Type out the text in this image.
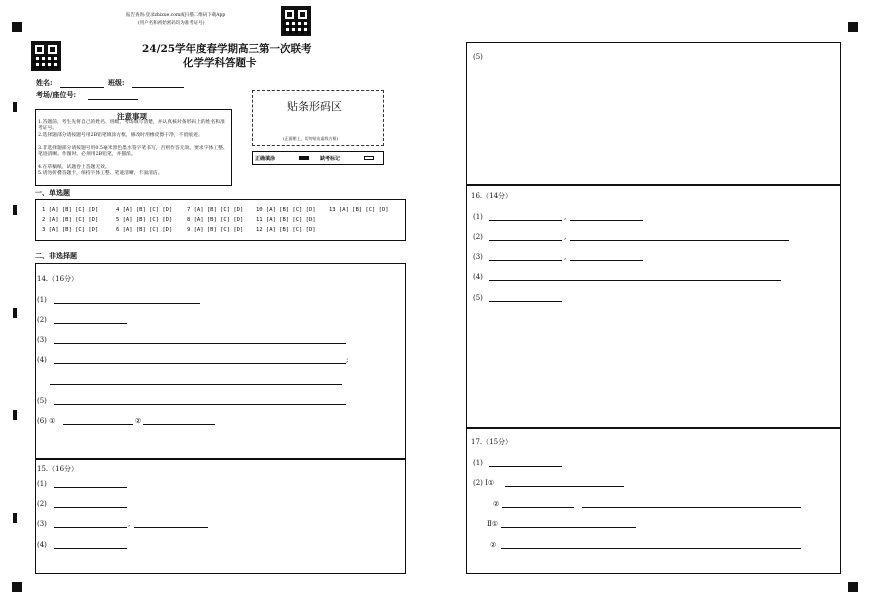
报告查询:登录zhixue.com或扫描二维码下载App
(用户名和初始密码均为准考证号)
24/25学年度春学期高三第一次联考
化学学科答题卡
姓名:	班级:
考场/座位号:
注意事项
1.答题前，考生先将自己的姓名、班级、考场填写清楚，并认真核对条形码上的姓名和准考证号。
2.选择题部分请按题号用2B铅笔填涂方框，修改时用橡皮擦干净，不留痕迹。
3.非选择题部分请按题号用0.5毫米黑色墨水签字笔书写，否则作答无效。要求字体工整、笔迹清晰。作图时，必须用2B铅笔，并描浓。
4.在草稿纸、试题卷上答题无效。
5.请勿折叠答题卡，保持字体工整、笔迹清晰、卡面清洁。
贴条形码区
(正面朝上，切勿贴出虚线方框)
正确填涂	缺考标记
一、单选题
1 [A] [B] [C] [D]	4 [A] [B] [C] [D]	7 [A] [B] [C] [D] 10 [A] [B] [C] [D] 13 [A] [B] [C] [D]
2 [A] [B] [C] [D]	5 [A] [B] [C] [D]	8 [A] [B] [C] [D] 11 [A] [B] [C] [D]
3 [A] [B] [C] [D]	6 [A] [B] [C] [D]	9 [A] [B] [C] [D] 12 [A] [B] [C] [D]
二、非选择题
14.（16分）
(1)
(2)
(3)
(4)	;
(5)
(6) ①	②
15.（16分）
(1)
(2)
(3)	,
(4)
(5)
16.（14分）
(1)	,
(2)	,
(3)	,
(4)
(5)
17.（15分）
(1)
(2) Ⅰ①
②
Ⅱ①
②
